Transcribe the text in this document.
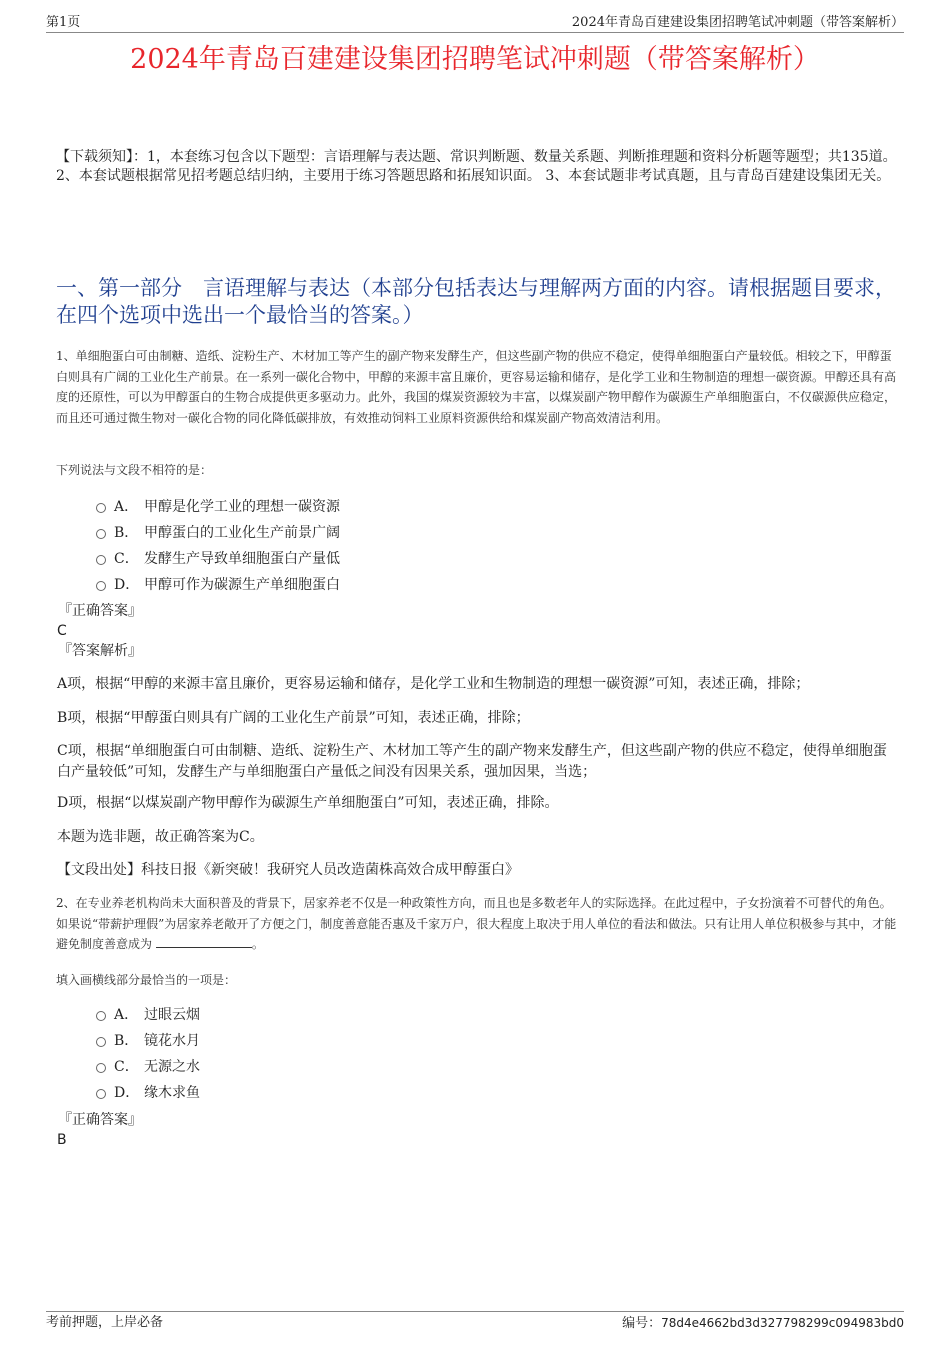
第1页	2024年青岛百建建设集团招聘笔试冲刺题（带答案解析）
2024年青岛百建建设集团招聘笔试冲刺题（带答案解析）
【下载须知】：1，本套练习包含以下题型：言语理解与表达题、常识判断题、数量关系题、判断推理题和资料分析题等题型；共135道。 2、本套试题根据常见招考题总结归纳，主要用于练习答题思路和拓展知识面。 3、本套试题非考试真题，且与青岛百建建设集团无关。
一、第一部分　言语理解与表达（本部分包括表达与理解两方面的内容。请根据题目要求，在四个选项中选出一个最恰当的答案。）
1、单细胞蛋白可由制糖、造纸、淀粉生产、木材加工等产生的副产物来发酵生产，但这些副产物的供应不稳定，使得单细胞蛋白产量较低。相较之下，甲醇蛋白则具有广阔的工业化生产前景。在一系列一碳化合物中，甲醇的来源丰富且廉价，更容易运输和储存，是化学工业和生物制造的理想一碳资源。甲醇还具有高度的还原性，可以为甲醇蛋白的生物合成提供更多驱动力。此外，我国的煤炭资源较为丰富，以煤炭副产物甲醇作为碳源生产单细胞蛋白，不仅碳源供应稳定，而且还可通过微生物对一碳化合物的同化降低碳排放，有效推动饲料工业原料资源供给和煤炭副产物高效清洁利用。
下列说法与文段不相符的是：
A． 甲醇是化学工业的理想一碳资源
B． 甲醇蛋白的工业化生产前景广阔
C． 发酵生产导致单细胞蛋白产量低
D． 甲醇可作为碳源生产单细胞蛋白
『正确答案』
C
『答案解析』
A项，根据“甲醇的来源丰富且廉价，更容易运输和储存，是化学工业和生物制造的理想一碳资源”可知，表述正确，排除；
B项，根据“甲醇蛋白则具有广阔的工业化生产前景”可知，表述正确，排除；
C项，根据“单细胞蛋白可由制糖、造纸、淀粉生产、木材加工等产生的副产物来发酵生产，但这些副产物的供应不稳定，使得单细胞蛋白产量较低”可知，发酵生产与单细胞蛋白产量低之间没有因果关系，强加因果，当选；
D项，根据“以煤炭副产物甲醇作为碳源生产单细胞蛋白”可知，表述正确，排除。
本题为选非题，故正确答案为C。
【文段出处】科技日报《新突破！我研究人员改造菌株高效合成甲醇蛋白》
2、在专业养老机构尚未大面积普及的背景下，居家养老不仅是一种政策性方向，而且也是多数老年人的实际选择。在此过程中，子女扮演着不可替代的角色。如果说“带薪护理假”为居家养老敞开了方便之门，制度善意能否惠及千家万户，很大程度上取决于用人单位的看法和做法。只有让用人单位积极参与其中，才能避免制度善意成为	。
填入画横线部分最恰当的一项是：
A． 过眼云烟
B． 镜花水月
C． 无源之水
D． 缘木求鱼
『正确答案』
B
考前押题，上岸必备	编号：78d4e4662bd3d327798299c094983bd0
